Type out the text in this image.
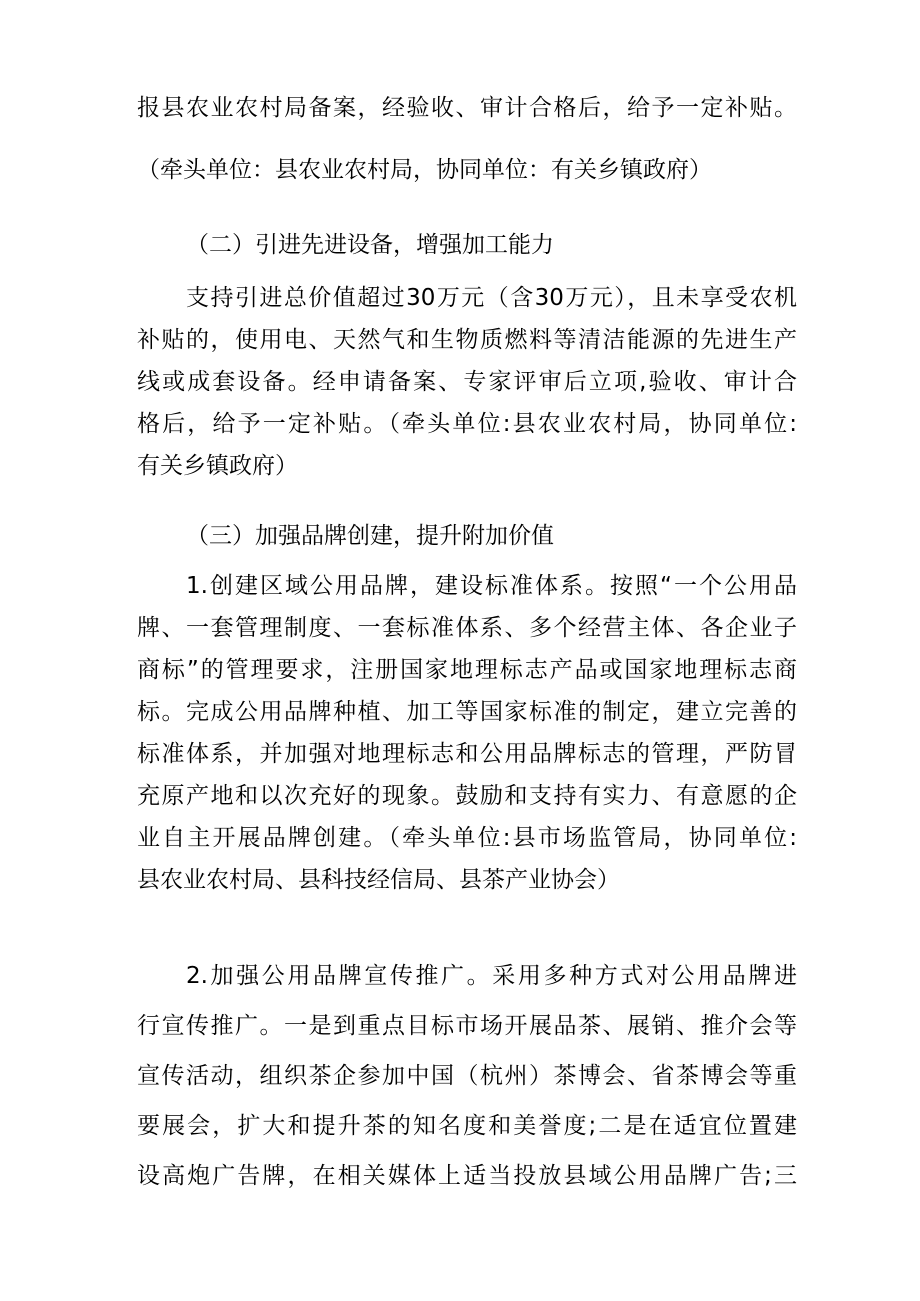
报县农业农村局备案，经验收、审计合格后，给予一定补贴。
（牵头单位：县农业农村局，协同单位：有关乡镇政府）
（二）引进先进设备，增强加工能力
支持引进总价值超过30万元（含30万元），且未享受农机
补贴的，使用电、天然气和生物质燃料等清洁能源的先进生产
线或成套设备。经申请备案、专家评审后立项,验收、审计合
格后，给予一定补贴。（牵头单位:县农业农村局，协同单位:
有关乡镇政府）
（三）加强品牌创建，提升附加价值
1.创建区域公用品牌，建设标准体系。按照“一个公用品
牌、一套管理制度、一套标准体系、多个经营主体、各企业子
商标”的管理要求，注册国家地理标志产品或国家地理标志商
标。完成公用品牌种植、加工等国家标准的制定，建立完善的
标准体系，并加强对地理标志和公用品牌标志的管理，严防冒
充原产地和以次充好的现象。鼓励和支持有实力、有意愿的企
业自主开展品牌创建。（牵头单位:县市场监管局，协同单位:
县农业农村局、县科技经信局、县茶产业协会）
2.加强公用品牌宣传推广。采用多种方式对公用品牌进
行宣传推广。一是到重点目标市场开展品茶、展销、推介会等
宣传活动，组织茶企参加中国（杭州）茶博会、省茶博会等重
要展会，扩大和提升茶的知名度和美誉度;二是在适宜位置建
设高炮广告牌，在相关媒体上适当投放县域公用品牌广告;三
